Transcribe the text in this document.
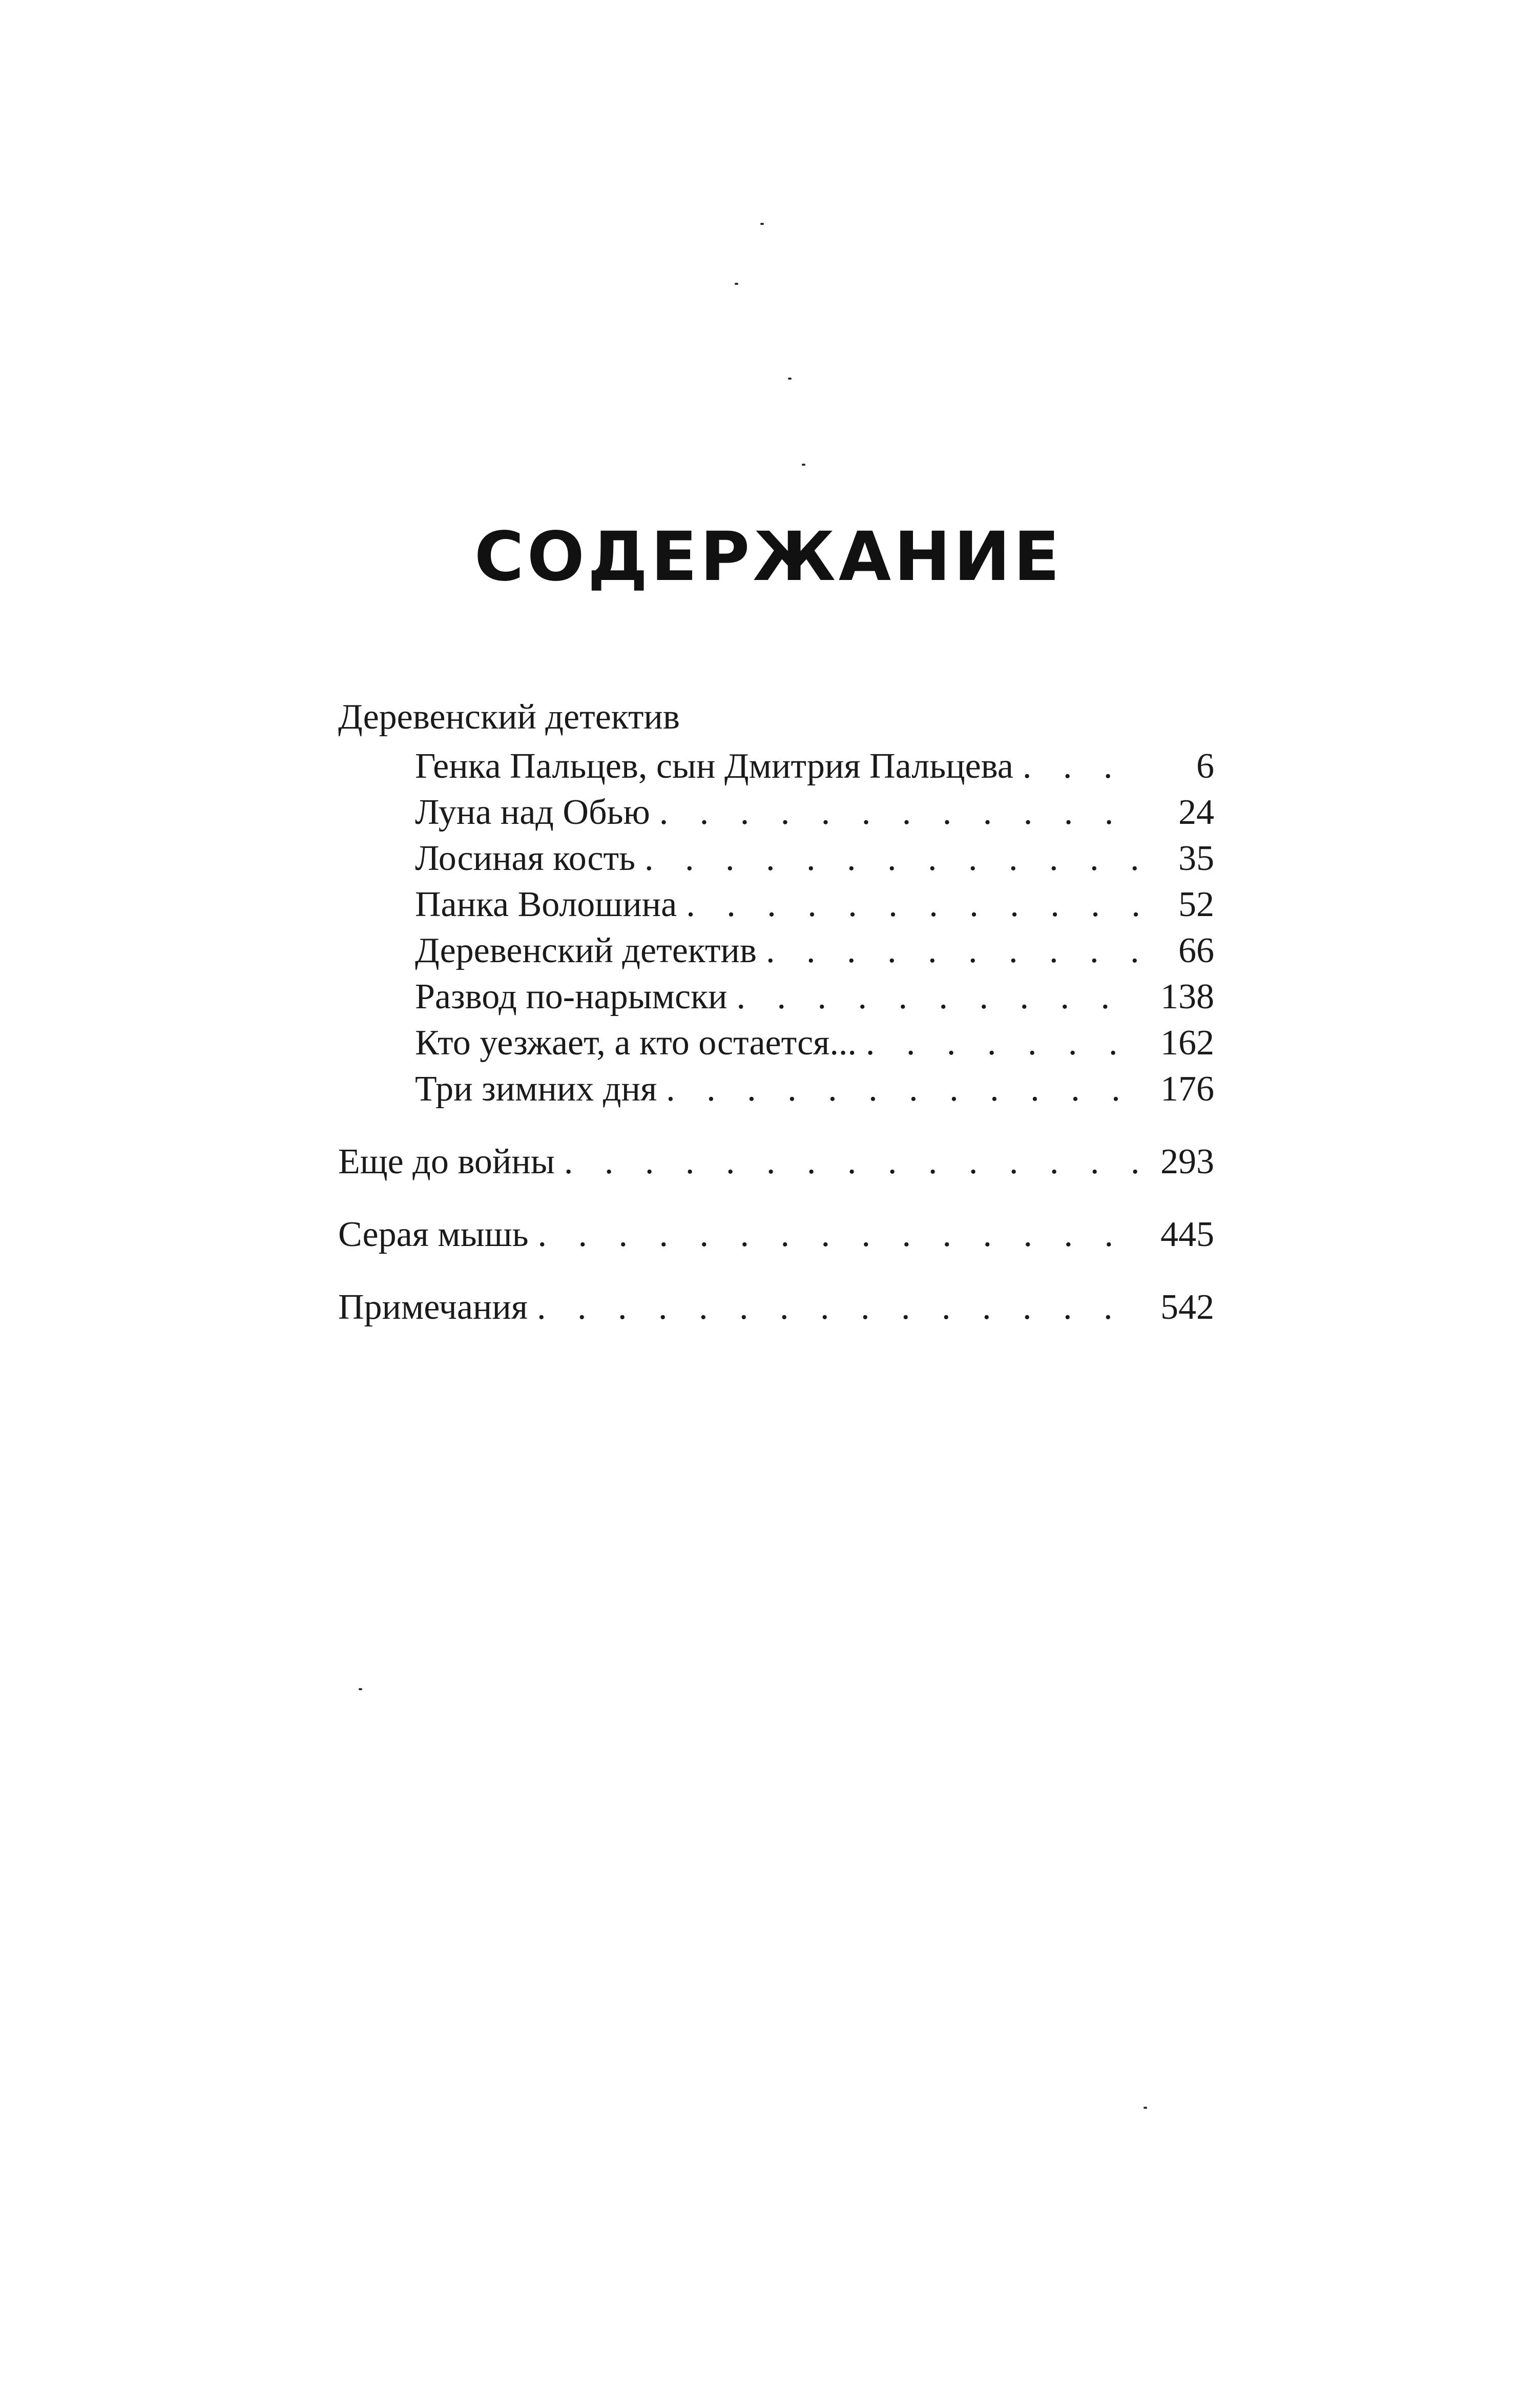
СОДЕРЖАНИЕ
Деревенский детектив
Генка Пальцев, сын Дмитрия Пальцева . . .	6
Луна над Обью . . .	24
Лосиная кость . . .	35
Панка Волошина . . .	52
Деревенский детектив . . .	66
Развод по-нарымски . . .	138
Кто уезжает, а кто остается... . . .	162
Три зимних дня . . .	176
Еще до войны . . .	293
Серая мышь . . .	445
Примечания . . .	542
